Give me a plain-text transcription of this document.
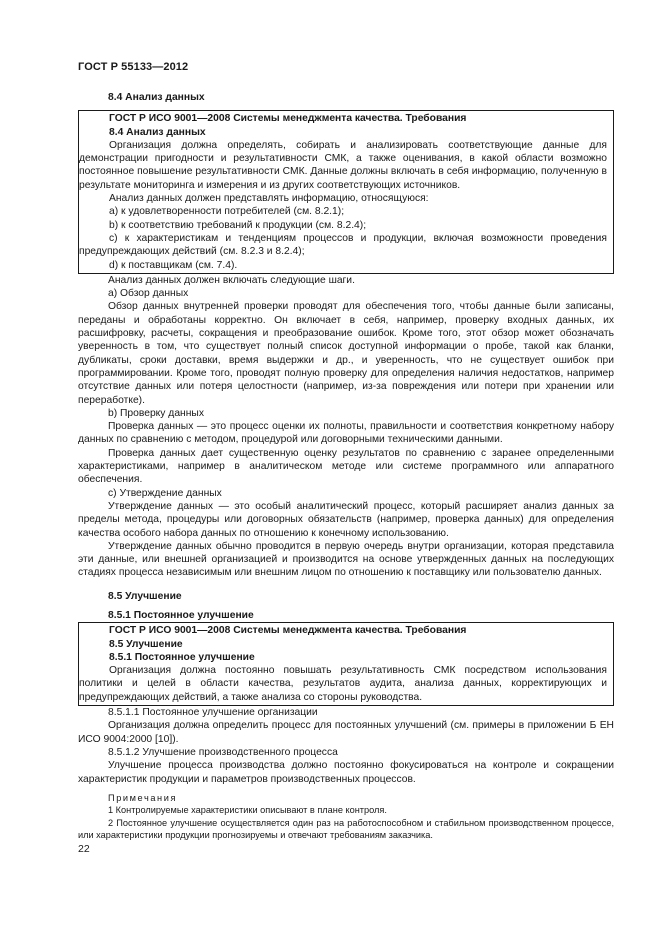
ГОСТ Р 55133—2012

8.4 Анализ данных

ГОСТ Р ИСО 9001—2008 Системы менеджмента качества. Требования

8.4 Анализ данных

Организация должна определять, собирать и анализировать соответствующие данные для демонстрации пригодности и результативности СМК, а также оценивания, в какой области возможно постоянное повышение результативности СМК. Данные должны включать в себя информацию, полученную в результате мониторинга и измерения и из других соответствующих источников.

Анализ данных должен представлять информацию, относящуюся:

a) к удовлетворенности потребителей (см. 8.2.1);

b) к соответствию требований к продукции (см. 8.2.4);

c) к характеристикам и тенденциям процессов и продукции, включая возможности проведения предупреждающих действий (см. 8.2.3 и 8.2.4);

d) к поставщикам (см. 7.4).

Анализ данных должен включать следующие шаги.

a) Обзор данных

Обзор данных внутренней проверки проводят для обеспечения того, чтобы данные были записаны, переданы и обработаны корректно. Он включает в себя, например, проверку входных данных, их расшифровку, расчеты, сокращения и преобразование ошибок. Кроме того, этот обзор может обозначать уверенность в том, что существует полный список доступной информации о пробе, такой как бланки, дубликаты, сроки доставки, время выдержки и др., и уверенность, что не существует ошибок при программировании. Кроме того, проводят полную проверку для определения наличия недостатков, например отсутствие данных или потеря целостности (например, из-за повреждения или потери при хранении или переработке).

b) Проверку данных

Проверка данных — это процесс оценки их полноты, правильности и соответствия конкретному набору данных по сравнению с методом, процедурой или договорными техническими данными.

Проверка данных дает существенную оценку результатов по сравнению с заранее определенными характеристиками, например в аналитическом методе или системе программного или аппаратного обеспечения.

c) Утверждение данных

Утверждение данных — это особый аналитический процесс, который расширяет анализ данных за пределы метода, процедуры или договорных обязательств (например, проверка данных) для определения качества особого набора данных по отношению к конечному использованию.

Утверждение данных обычно проводится в первую очередь внутри организации, которая представила эти данные, или внешней организацией и производится на основе утвержденных данных на последующих стадиях процесса независимым или внешним лицом по отношению к поставщику или пользователю данных.

8.5 Улучшение

8.5.1 Постоянное улучшение

ГОСТ Р ИСО 9001—2008 Системы менеджмента качества. Требования

8.5 Улучшение

8.5.1 Постоянное улучшение

Организация должна постоянно повышать результативность СМК посредством использования политики и целей в области качества, результатов аудита, анализа данных, корректирующих и предупреждающих действий, а также анализа со стороны руководства.

8.5.1.1 Постоянное улучшение организации

Организация должна определить процесс для постоянных улучшений (см. примеры в приложении Б ЕН ИСО 9004:2000 [10]).

8.5.1.2 Улучшение производственного процесса

Улучшение процесса производства должно постоянно фокусироваться на контроле и сокращении характеристик продукции и параметров производственных процессов.

Примечания

1 Контролируемые характеристики описывают в плане контроля.

2 Постоянное улучшение осуществляется один раз на работоспособном и стабильном производственном процессе, или характеристики продукции прогнозируемы и отвечают требованиям заказчика.

22
